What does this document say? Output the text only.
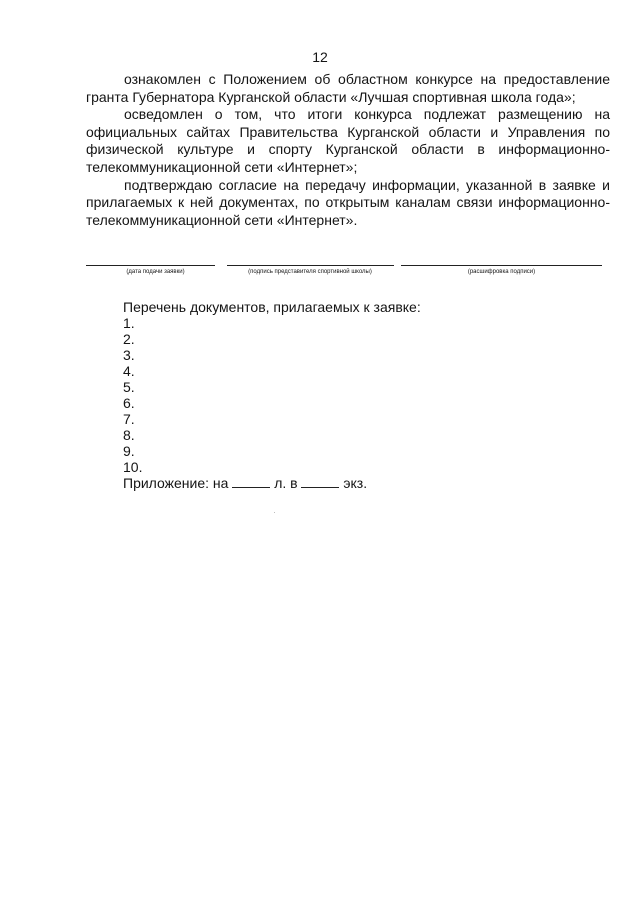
12

ознакомлен с Положением об областном конкурсе на предоставление гранта Губернатора Курганской области «Лучшая спортивная школа года»;

осведомлен о том, что итоги конкурса подлежат размещению на официальных сайтах Правительства Курганской области и Управления по физической культуре и спорту Курганской области в информационно-телекоммуникационной сети «Интернет»;

подтверждаю согласие на передачу информации, указанной в заявке и прилагаемых к ней документах, по открытым каналам связи информационно-телекоммуникационной сети «Интернет».

(дата подачи заявки)	(подпись представителя спортивной школы)	(расшифровка подписи)
Перечень документов, прилагаемых к заявке:
1.
2.
3.
4.
5.
6.
7.
8.
9.
10.
Приложение: на	л. в	экз.
